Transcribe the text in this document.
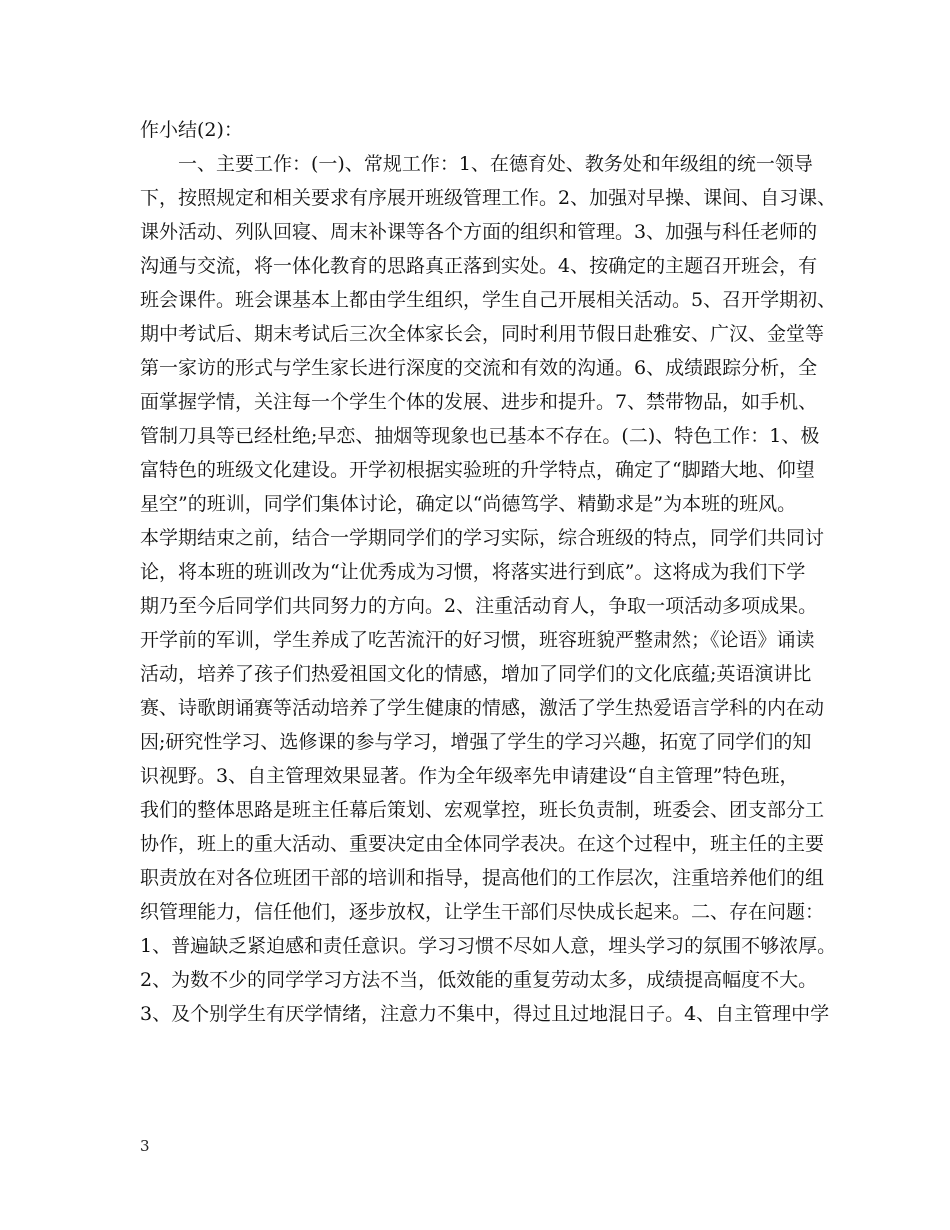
作小结(2)：
　　一、主要工作：(一)、常规工作：1、在德育处、教务处和年级组的统一领导
下，按照规定和相关要求有序展开班级管理工作。2、加强对早操、课间、自习课、
课外活动、列队回寝、周末补课等各个方面的组织和管理。3、加强与科任老师的
沟通与交流，将一体化教育的思路真正落到实处。4、按确定的主题召开班会，有
班会课件。班会课基本上都由学生组织，学生自己开展相关活动。5、召开学期初、
期中考试后、期末考试后三次全体家长会，同时利用节假日赴雅安、广汉、金堂等
第一家访的形式与学生家长进行深度的交流和有效的沟通。6、成绩跟踪分析，全
面掌握学情，关注每一个学生个体的发展、进步和提升。7、禁带物品，如手机、
管制刀具等已经杜绝;早恋、抽烟等现象也已基本不存在。(二)、特色工作：1、极
富特色的班级文化建设。开学初根据实验班的升学特点，确定了“脚踏大地、仰望
星空”的班训，同学们集体讨论，确定以“尚德笃学、精勤求是”为本班的班风。
本学期结束之前，结合一学期同学们的学习实际，综合班级的特点，同学们共同讨
论，将本班的班训改为“让优秀成为习惯，将落实进行到底”。这将成为我们下学
期乃至今后同学们共同努力的方向。2、注重活动育人，争取一项活动多项成果。
开学前的军训，学生养成了吃苦流汗的好习惯，班容班貌严整肃然；《论语》诵读
活动，培养了孩子们热爱祖国文化的情感，增加了同学们的文化底蕴;英语演讲比
赛、诗歌朗诵赛等活动培养了学生健康的情感，激活了学生热爱语言学科的内在动
因;研究性学习、选修课的参与学习，增强了学生的学习兴趣，拓宽了同学们的知
识视野。3、自主管理效果显著。作为全年级率先申请建设“自主管理”特色班，
我们的整体思路是班主任幕后策划、宏观掌控，班长负责制，班委会、团支部分工
协作，班上的重大活动、重要决定由全体同学表决。在这个过程中，班主任的主要
职责放在对各位班团干部的培训和指导，提高他们的工作层次，注重培养他们的组
织管理能力，信任他们，逐步放权，让学生干部们尽快成长起来。二、存在问题：
1、普遍缺乏紧迫感和责任意识。学习习惯不尽如人意，埋头学习的氛围不够浓厚。
2、为数不少的同学学习方法不当，低效能的重复劳动太多，成绩提高幅度不大。
3、及个别学生有厌学情绪，注意力不集中，得过且过地混日子。4、自主管理中学
3
